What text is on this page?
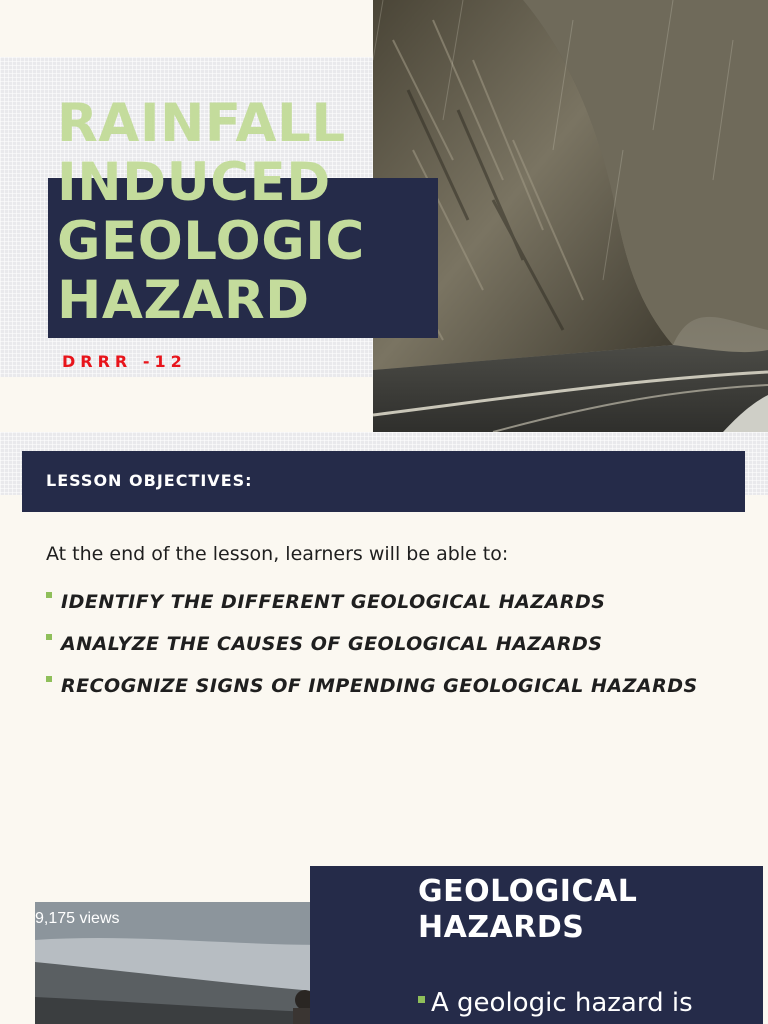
RAINFALL
INDUCED
GEOLOGIC
HAZARD
DRRR -12
LESSON OBJECTIVES:
At the end of the lesson, learners will be able to:
IDENTIFY THE DIFFERENT GEOLOGICAL HAZARDS
ANALYZE THE CAUSES OF GEOLOGICAL HAZARDS
RECOGNIZE SIGNS OF IMPENDING GEOLOGICAL HAZARDS
9,175 views
GEOLOGICAL
HAZARDS
A geologic hazard is
